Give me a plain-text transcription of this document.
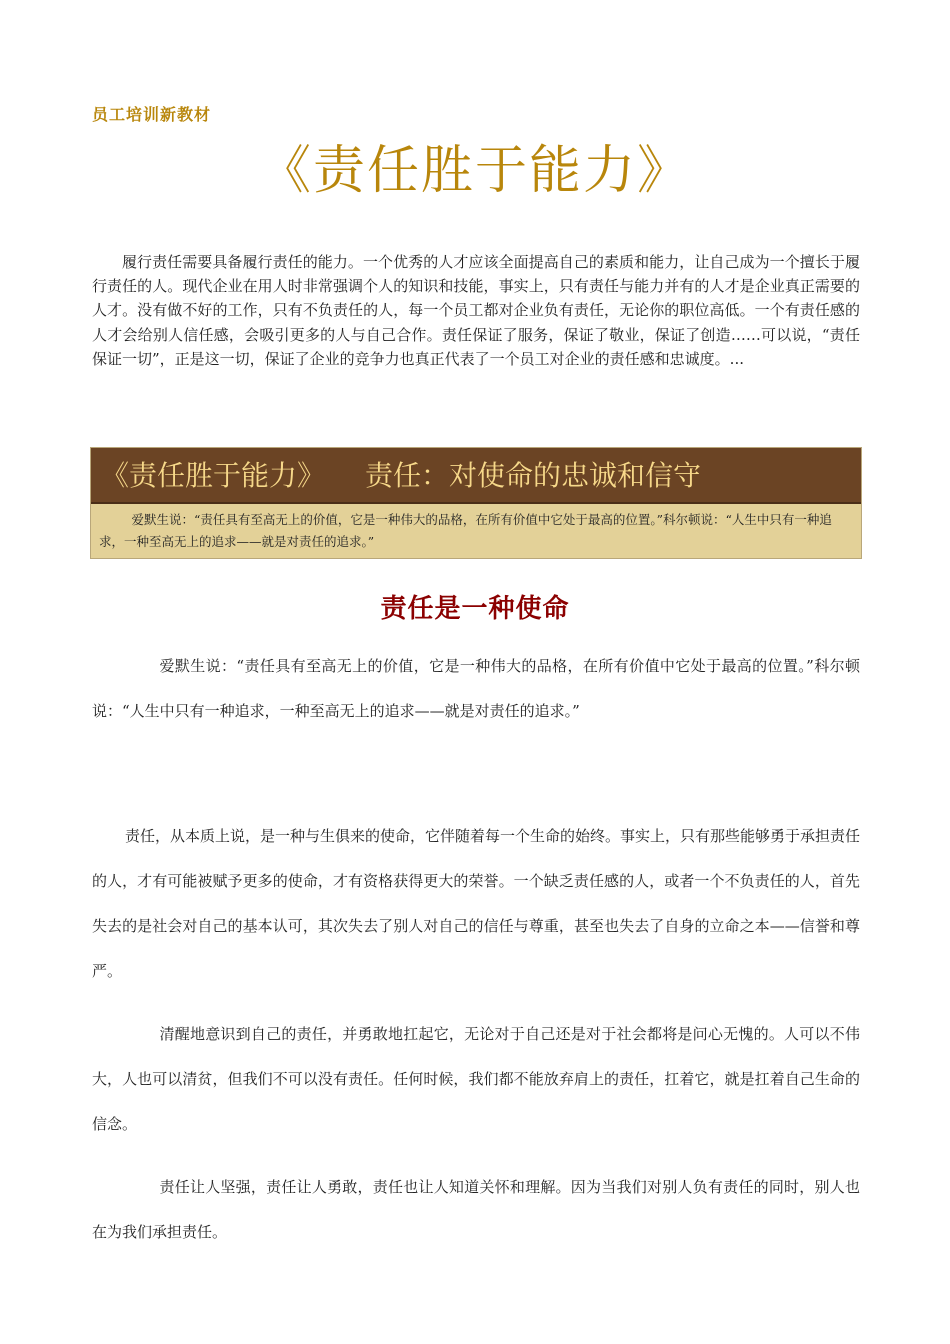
员工培训新教材
《责任胜于能力》
履行责任需要具备履行责任的能力。一个优秀的人才应该全面提高自己的素质和能力，让自己成为一个擅长于履行责任的人。现代企业在用人时非常强调个人的知识和技能，事实上，只有责任与能力并有的人才是企业真正需要的人才。没有做不好的工作，只有不负责任的人，每一个员工都对企业负有责任，无论你的职位高低。一个有责任感的人才会给别人信任感，会吸引更多的人与自己合作。责任保证了服务，保证了敬业，保证了创造……可以说，“责任保证一切”，正是这一切，保证了企业的竞争力也真正代表了一个员工对企业的责任感和忠诚度。...
《责任胜于能力》 责任：对使命的忠诚和信守
爱默生说：“责任具有至高无上的价值，它是一种伟大的品格，在所有价值中它处于最高的位置。”科尔顿说：“人生中只有一种追求，一种至高无上的追求——就是对责任的追求。”
责任是一种使命
爱默生说：“责任具有至高无上的价值，它是一种伟大的品格，在所有价值中它处于最高的位置。”科尔顿说：“人生中只有一种追求，一种至高无上的追求——就是对责任的追求。”
责任，从本质上说，是一种与生俱来的使命，它伴随着每一个生命的始终。事实上，只有那些能够勇于承担责任的人，才有可能被赋予更多的使命，才有资格获得更大的荣誉。一个缺乏责任感的人，或者一个不负责任的人，首先失去的是社会对自己的基本认可，其次失去了别人对自己的信任与尊重，甚至也失去了自身的立命之本——信誉和尊严。
清醒地意识到自己的责任，并勇敢地扛起它，无论对于自己还是对于社会都将是问心无愧的。人可以不伟大，人也可以清贫，但我们不可以没有责任。任何时候，我们都不能放弃肩上的责任，扛着它，就是扛着自己生命的信念。
责任让人坚强，责任让人勇敢，责任也让人知道关怀和理解。因为当我们对别人负有责任的同时，别人也在为我们承担责任。
